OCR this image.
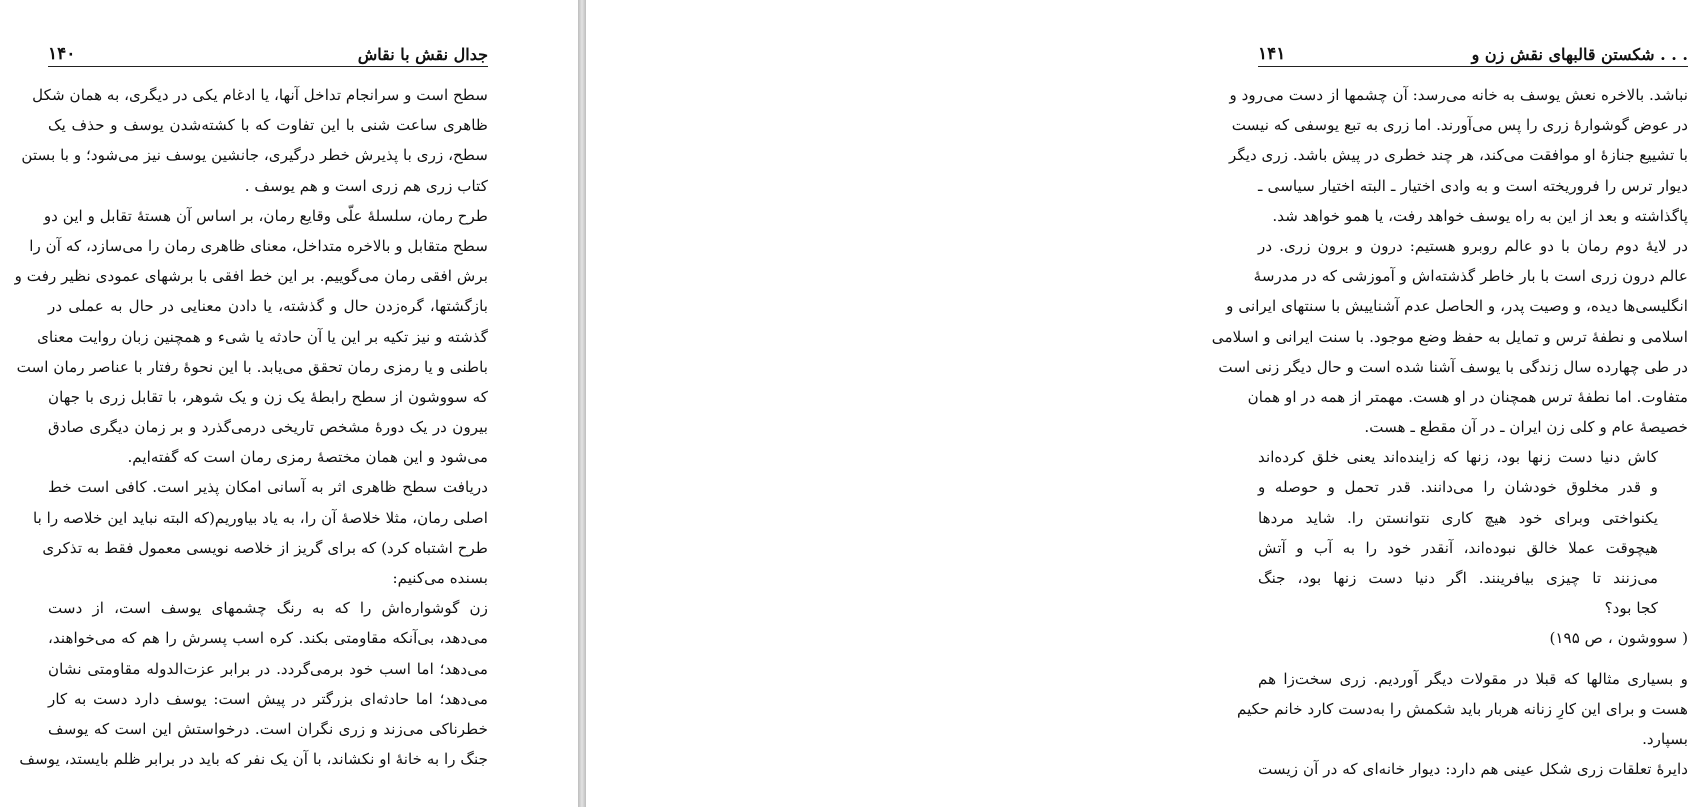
۱۴۰	جدال نقش با نقاش
سطح است و سرانجام تداخل آنها، یا ادغام یکی در دیگری، به همان شکل
ظاهری ساعت شنی با این تفاوت که با کشته‌شدن یوسف و حذف یک
سطح، زری با پذیرش خطر درگیری، جانشین یوسف نیز می‌شود؛ و با بستن
کتاب زری هم زری است و هم یوسف .
طرح رمان، سلسلهٔ علّی وقایع رمان، بر اساس آن هستهٔ تقابل و این دو
سطح متقابل و بالاخره متداخل، معنای ظاهری رمان را می‌سازد، که آن را
برش افقی رمان می‌گوییم. بر این خط افقی با برشهای عمودی نظیر رفت و
بازگشتها، گره‌زدن حال و گذشته، یا دادن معنایی در حال به عملی در
گذشته و نیز تکیه بر این یا آن حادثه یا شیء و همچنین زبان روایت معنای
باطنی و یا رمزی رمان تحقق می‌یابد. با این نحوهٔ رفتار با عناصر رمان است
که سووشون از سطح رابطهٔ یک زن و یک شوهر، با تقابل زری با جهان
بیرون در یک دورهٔ مشخص تاریخی درمی‌گذرد و بر زمان دیگری صادق
می‌شود و این همان مختصهٔ رمزی رمان است که گفته‌ایم.
دریافت سطح ظاهری اثر به آسانی امکان پذیر است. کافی است خط
اصلی رمان، مثلا خلاصهٔ آن را، به یاد بیاوریم(که البته نباید این خلاصه را با
طرح اشتباه کرد) که برای گریز از خلاصه نویسی معمول فقط به تذکری
بسنده می‌کنیم:
زن گوشواره‌اش را که به رنگ چشمهای یوسف است، از دست
می‌دهد، بی‌آنکه مقاومتی بکند. کره اسب پسرش را هم که می‌خواهند،
می‌دهد؛ اما اسب خود برمی‌گردد. در برابر عزت‌الدوله مقاومتی نشان
می‌دهد؛ اما حادثه‌ای بزرگتر در پیش است: یوسف دارد دست به کار
خطرناکی می‌زند و زری نگران است. درخواستش این است که یوسف
جنگ را به خانهٔ او نکشاند، با آن یک نفر که باید در برابر ظلم بایستد، یوسف
۱۴۱	شکستن قالبهای نقش زن و . . .
نباشد. بالاخره نعش یوسف به خانه می‌رسد: آن چشمها از دست می‌رود و
در عوض گوشوارهٔ زری را پس می‌آورند. اما زری به تبع یوسفی که نیست
با تشییع جنازهٔ او موافقت می‌کند، هر چند خطری در پیش باشد. زری دیگر
دیوار ترس را فروریخته است و به وادی اختیار ـ البته اختیار سیاسی ـ
پاگذاشته و بعد از این به راه یوسف خواهد رفت، یا همو خواهد شد.
در لایهٔ دوم رمان با دو عالم روبرو هستیم: درون و برون زری. در
عالم درون زری است با بار خاطر گذشته‌اش و آموزشی که در مدرسهٔ
انگلیسی‌ها دیده، و وصیت پدر، و الحاصل عدم آشناییش با سنتهای ایرانی و
اسلامی و نطفهٔ ترس و تمایل به حفظ وضع موجود. با سنت ایرانی و اسلامی
در طی چهارده سال زندگی با یوسف آشنا شده است و حال دیگر زنی است
متفاوت. اما نطفهٔ ترس همچنان در او هست. مهمتر از همه در او همان
خصیصهٔ عام و کلی زن ایران ـ در آن مقطع ـ هست.
کاش دنیا دست زنها بود، زنها که زاینده‌اند یعنی خلق کرده‌اند
و قدر مخلوق خودشان را می‌دانند. قدر تحمل و حوصله و
یکنواختی وبرای خود هیچ کاری نتوانستن را. شاید مردها
هیچوقت عملا خالق نبوده‌اند، آنقدر خود را به آب و آتش
می‌زنند تا چیزی بیافرینند. اگر دنیا دست زنها بود، جنگ
کجا بود؟
( سووشون ، ص ۱۹۵)
و بسیاری مثالها که قبلا در مقولات دیگر آوردیم. زری سخت‌زا هم
هست و برای این کارِ زنانه هربار باید شکمش را به‌دست کارد خانم حکیم
بسپارد.
دایرهٔ تعلقات زری شکل عینی هم دارد: دیوار خانه‌ای که در آن زیست
